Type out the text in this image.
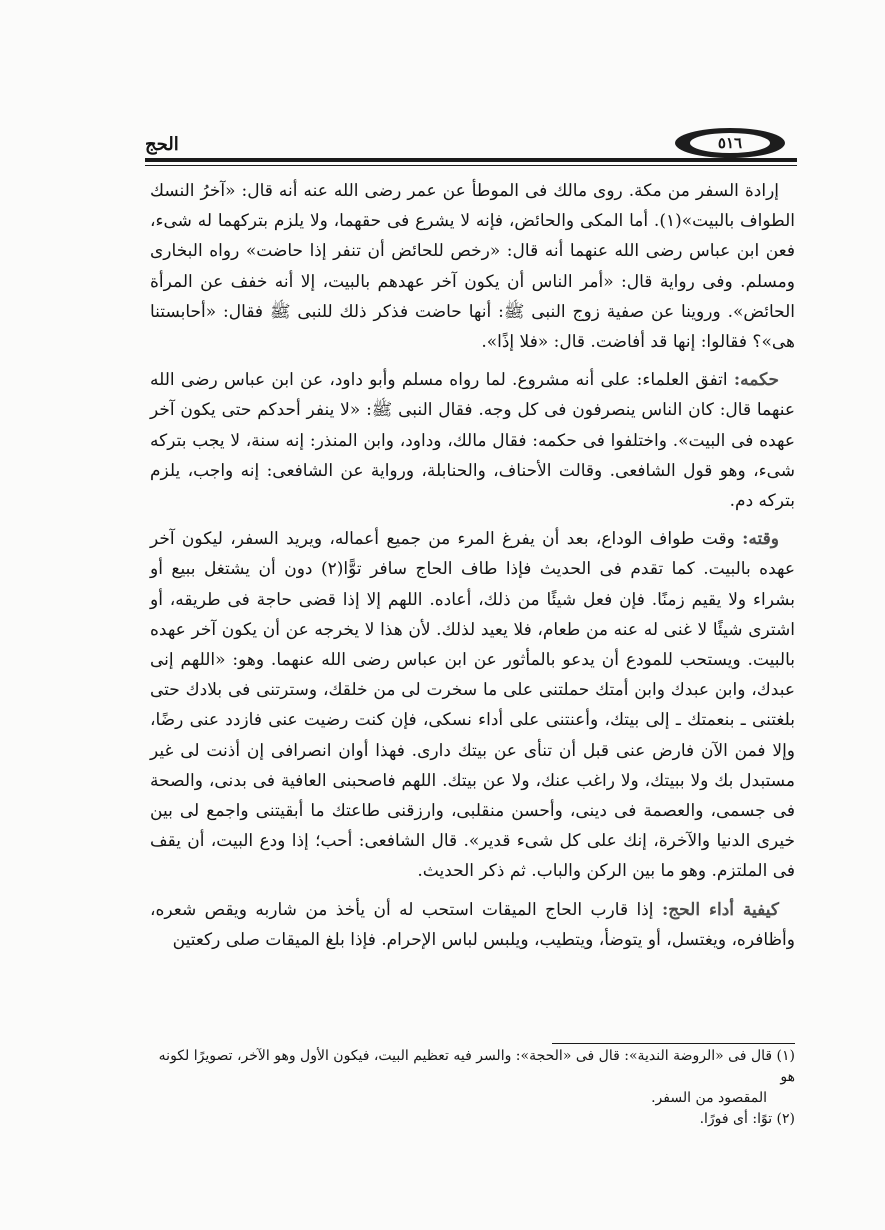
الحج	٥١٦

إرادة السفر من مكة. روى مالك فى الموطأ عن عمر رضى الله عنه أنه قال: «آخرُ النسك الطواف بالبيت»(١). أما المكى والحائض، فإنه لا يشرع فى حقهما، ولا يلزم بتركهما له شىء، فعن ابن عباس رضى الله عنهما أنه قال: «رخص للحائض أن تنفر إذا حاضت» رواه البخارى ومسلم. وفى رواية قال: «أمر الناس أن يكون آخر عهدهم بالبيت، إلا أنه خفف عن المرأة الحائض». وروينا عن صفية زوج النبى ﷺ: أنها حاضت فذكر ذلك للنبى ﷺ فقال: «أحابستنا هى»؟ فقالوا: إنها قد أفاضت. قال: «فلا إذًا».

حكمه: اتفق العلماء: على أنه مشروع. لما رواه مسلم وأبو داود، عن ابن عباس رضى الله عنهما قال: كان الناس ينصرفون فى كل وجه. فقال النبى ﷺ: «لا ينفر أحدكم حتى يكون آخر عهده فى البيت». واختلفوا فى حكمه: فقال مالك، وداود، وابن المنذر: إنه سنة، لا يجب بتركه شىء، وهو قول الشافعى. وقالت الأحناف، والحنابلة، ورواية عن الشافعى: إنه واجب، يلزم بتركه دم.

وقته: وقت طواف الوداع، بعد أن يفرغ المرء من جميع أعماله، ويريد السفر، ليكون آخر عهده بالبيت. كما تقدم فى الحديث فإذا طاف الحاج سافر توًّا(٢) دون أن يشتغل ببيع أو بشراء ولا يقيم زمنًا. فإن فعل شيئًا من ذلك، أعاده. اللهم إلا إذا قضى حاجة فى طريقه، أو اشترى شيئًا لا غنى له عنه من طعام، فلا يعيد لذلك. لأن هذا لا يخرجه عن أن يكون آخر عهده بالبيت. ويستحب للمودع أن يدعو بالمأثور عن ابن عباس رضى الله عنهما. وهو: «اللهم إنى عبدك، وابن عبدك وابن أمتك حملتنى على ما سخرت لى من خلقك، وسترتنى فى بلادك حتى بلغتنى ـ بنعمتك ـ إلى بيتك، وأعنتنى على أداء نسكى، فإن كنت رضيت عنى فازدد عنى رضًا، وإلا فمن الآن فارض عنى قبل أن تنأى عن بيتك دارى. فهذا أوان انصرافى إن أذنت لى غير مستبدل بك ولا ببيتك، ولا راغب عنك، ولا عن بيتك. اللهم فاصحبنى العافية فى بدنى، والصحة فى جسمى، والعصمة فى دينى، وأحسن منقلبى، وارزقنى طاعتك ما أبقيتنى واجمع لى بين خيرى الدنيا والآخرة، إنك على كل شىء قدير». قال الشافعى: أحب؛ إذا ودع البيت، أن يقف فى الملتزم. وهو ما بين الركن والباب. ثم ذكر الحديث.

كيفية أداء الحج: إذا قارب الحاج الميقات استحب له أن يأخذ من شاربه ويقص شعره، وأظافره، ويغتسل، أو يتوضأ، ويتطيب، ويلبس لباس الإحرام. فإذا بلغ الميقات صلى ركعتين

(١) قال فى «الروضة الندية»: قال فى «الحجة»: والسر فيه تعظيم البيت، فيكون الأول وهو الآخر، تصويرًا لكونه هو

المقصود من السفر.

(٢) توًا: أى فورًا.
